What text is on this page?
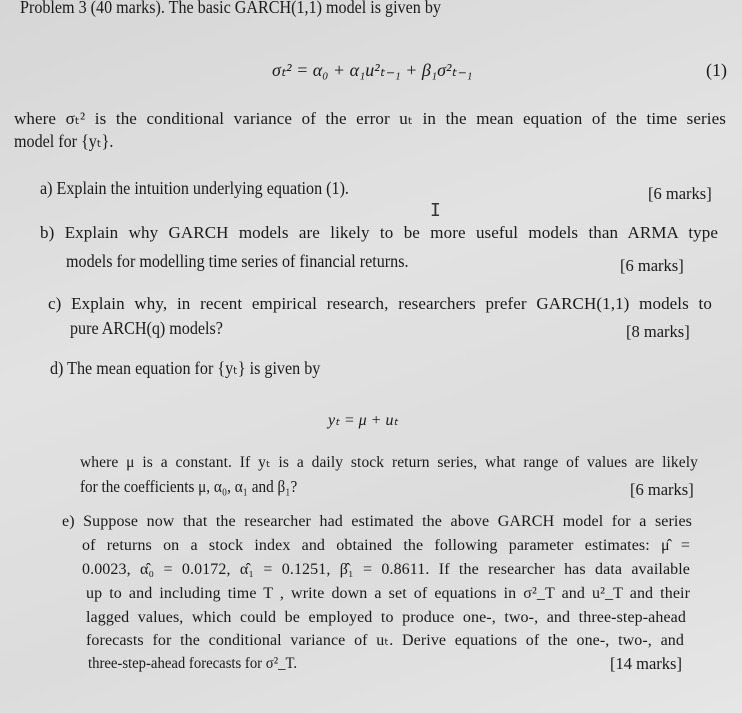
Problem 3 (40 marks). The basic GARCH(1,1) model is given by
σₜ² = α₀ + α₁u²ₜ₋₁ + β₁σ²ₜ₋₁	(1)
where σₜ² is the conditional variance of the error uₜ in the mean equation of the time series
model for {yₜ}.
a) Explain the intuition underlying equation (1).	[6 marks]
I
b) Explain why GARCH models are likely to be more useful models than ARMA type
models for modelling time series of financial returns.	[6 marks]
c) Explain why, in recent empirical research, researchers prefer GARCH(1,1) models to
pure ARCH(q) models?	[8 marks]
d) The mean equation for {yₜ} is given by
yₜ = μ + uₜ
where μ is a constant. If yₜ is a daily stock return series, what range of values are likely
for the coefficients μ, α₀, α₁ and β₁?	[6 marks]
e) Suppose now that the researcher had estimated the above GARCH model for a series
of returns on a stock index and obtained the following parameter estimates: μ̂ =
0.0023, α̂₀ = 0.0172, α̂₁ = 0.1251, β̂₁ = 0.8611. If the researcher has data available
up to and including time T , write down a set of equations in σ²_T and u²_T and their
lagged values, which could be employed to produce one-, two-, and three-step-ahead
forecasts for the conditional variance of uₜ. Derive equations of the one-, two-, and
three-step-ahead forecasts for σ²_T.	[14 marks]
